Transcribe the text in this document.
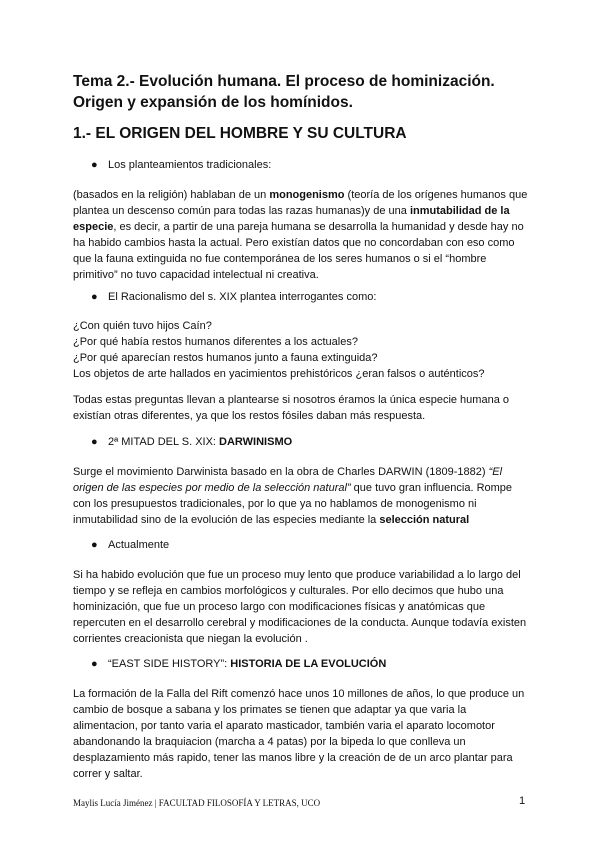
Tema 2.- Evolución humana. El proceso de hominización. Origen y expansión de los homínidos.
1.- EL ORIGEN DEL HOMBRE Y SU CULTURA
● Los planteamientos tradicionales:

(basados en la religión) hablaban de un monogenismo (teoría de los orígenes humanos que plantea un descenso común para todas las razas humanas)y de una inmutabilidad de la especie, es decir, a partir de una pareja humana se desarrolla la humanidad y desde hay no ha habido cambios hasta la actual. Pero existían datos que no concordaban con eso como que la fauna extinguida no fue contemporánea de los seres humanos o si el “hombre primitivo” no tuvo capacidad intelectual ni creativa.

● El Racionalismo del s. XIX plantea interrogantes como:

¿Con quién tuvo hijos Caín?
¿Por qué había restos humanos diferentes a los actuales?
¿Por qué aparecían restos humanos junto a fauna extinguida?
Los objetos de arte hallados en yacimientos prehistóricos ¿eran falsos o auténticos?

Todas estas preguntas llevan a plantearse si nosotros éramos la única especie humana o existían otras diferentes, ya que los restos fósiles daban más respuesta.

● 2ª MITAD DEL S. XIX: DARWINISMO

Surge el movimiento Darwinista basado en la obra de Charles DARWIN (1809-1882) “El origen de las especies por medio de la selección natural” que tuvo gran influencia. Rompe con los presupuestos tradicionales, por lo que ya no hablamos de monogenismo ni inmutabilidad sino de la evolución de las especies mediante la selección natural

● Actualmente

Si ha habido evolución que fue un proceso muy lento que produce variabilidad a lo largo del tiempo y se refleja en cambios morfológicos y culturales. Por ello decimos que hubo una hominización, que fue un proceso largo con modificaciones físicas y anatómicas que repercuten en el desarrollo cerebral y modificaciones de la conducta. Aunque todavía existen corrientes creacionista que niegan la evolución .

● “EAST SIDE HISTORY”: HISTORIA DE LA EVOLUCIÓN

La formación de la Falla del Rift comenzó hace unos 10 millones de años, lo que produce un cambio de bosque a sabana y los primates se tienen que adaptar ya que varia la alimentacion, por tanto varia el aparato masticador, también varia el aparato locomotor abandonando la braquiacion (marcha a 4 patas) por la bipeda lo que conlleva un desplazamiento más rapido, tener las manos libre y la creación de de un arco plantar para correr y saltar.

Maylis Lucía Jiménez | FACULTAD FILOSOFÍA Y LETRAS, UCO	1
